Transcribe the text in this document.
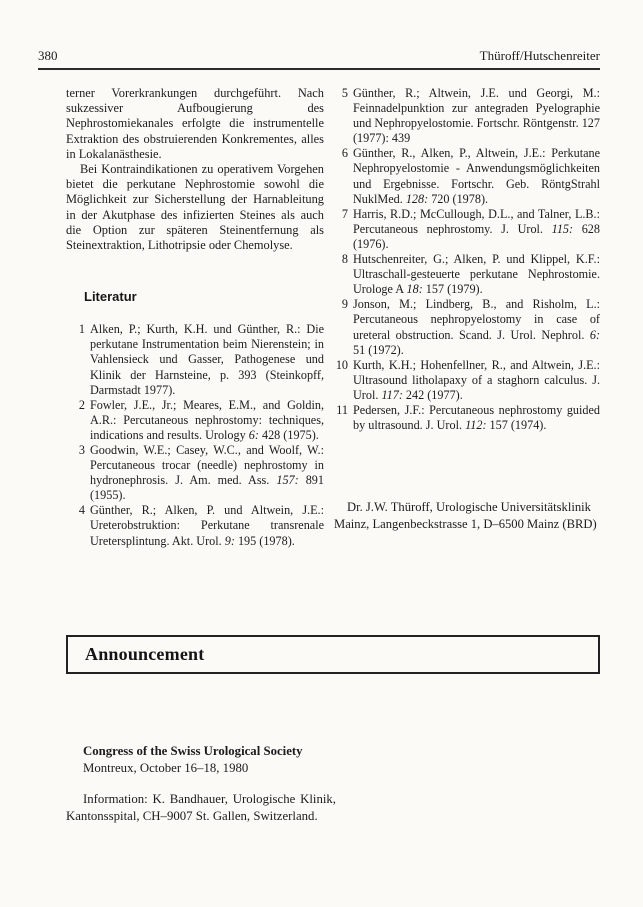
380	Thüroff/Hutschenreiter

terner Vorerkrankungen durchgeführt. Nach sukzessiver Aufbougierung des Nephrostomiekanales erfolgte die instrumentelle Extraktion des obstruierenden Konkrementes, alles in Lokalanästhesie.

Bei Kontraindikationen zu operativem Vorgehen bietet die perkutane Nephrostomie sowohl die Möglichkeit zur Sicherstellung der Harnableitung in der Akutphase des infizierten Steines als auch die Option zur späteren Steinentfernung als Steinextraktion, Lithotripsie oder Chemolyse.

Literatur
1 Alken, P.; Kurth, K.H. und Günther, R.: Die perkutane Instrumentation beim Nierenstein; in Vahlensieck und Gasser, Pathogenese und Klinik der Harnsteine, p. 393 (Steinkopff, Darmstadt 1977).
2 Fowler, J.E., Jr.; Meares, E.M., and Goldin, A.R.: Percutaneous nephrostomy: techniques, indications and results. Urology 6: 428 (1975).
3 Goodwin, W.E.; Casey, W.C., and Woolf, W.: Percutaneous trocar (needle) nephrostomy in hydronephrosis. J. Am. med. Ass. 157: 891 (1955).
4 Günther, R.; Alken, P. und Altwein, J.E.: Ureterobstruktion: Perkutane transrenale Uretersplintung. Akt. Urol. 9: 195 (1978).
5 Günther, R.; Altwein, J.E. und Georgi, M.: Feinnadelpunktion zur antegraden Pyelographie und Nephropyelostomie. Fortschr. Röntgenstr. 127 (1977): 439
6 Günther, R., Alken, P., Altwein, J.E.: Perkutane Nephropyelostomie - Anwendungsmöglichkeiten und Ergebnisse. Fortschr. Geb. RöntgStrahl NuklMed. 128: 720 (1978).
7 Harris, R.D.; McCullough, D.L., and Talner, L.B.: Percutaneous nephrostomy. J. Urol. 115: 628 (1976).
8 Hutschenreiter, G.; Alken, P. und Klippel, K.F.: Ultraschall-gesteuerte perkutane Nephrostomie. Urologe A 18: 157 (1979).
9 Jonson, M.; Lindberg, B., and Risholm, L.: Percutaneous nephropyelostomy in case of ureteral obstruction. Scand. J. Urol. Nephrol. 6: 51 (1972).
10 Kurth, K.H.; Hohenfellner, R., and Altwein, J.E.: Ultrasound litholapaxy of a staghorn calculus. J. Urol. 117: 242 (1977).
11 Pedersen, J.F.: Percutaneous nephrostomy guided by ultrasound. J. Urol. 112: 157 (1974).

Dr. J.W. Thüroff, Urologische Universitätsklinik Mainz, Langenbeckstrasse 1, D–6500 Mainz (BRD)

Announcement

Congress of the Swiss Urological Society

Montreux, October 16–18, 1980

Information: K. Bandhauer, Urologische Klinik, Kantonsspital, CH–9007 St. Gallen, Switzerland.
